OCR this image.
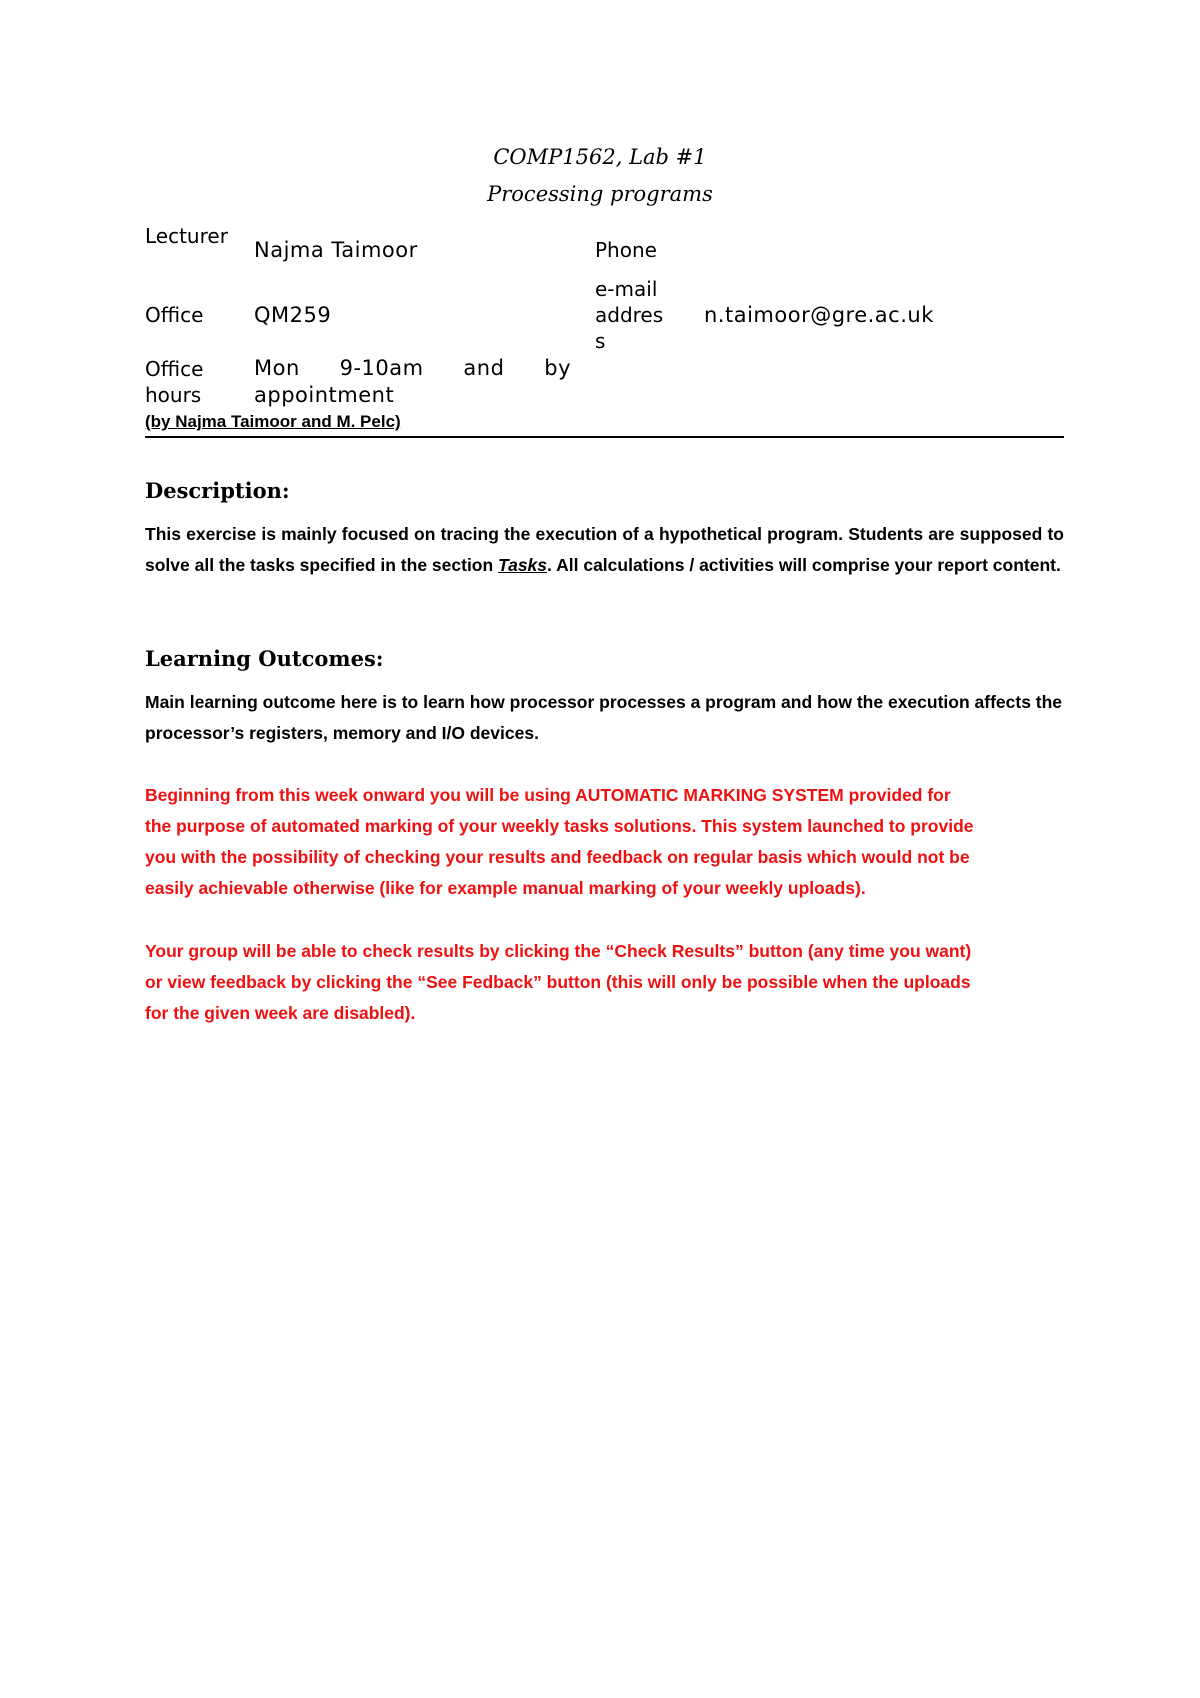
COMP1562, Lab #1
Processing programs
Lecturer
Najma Taimoor	Phone
Office	QM259
e-mail address
n.taimoor@gre.ac.uk
Office hours
Mon 9-10am and by
appointment
(by Najma Taimoor and M. Pelc)
Description:
This exercise is mainly focused on tracing the execution of a hypothetical program. Students are supposed to solve all the tasks specified in the section Tasks. All calculations / activities will comprise your report content.
Learning Outcomes:
Main learning outcome here is to learn how processor processes a program and how the execution affects the processor’s registers, memory and I/O devices.
Beginning from this week onward you will be using AUTOMATIC MARKING SYSTEM provided for
the purpose of automated marking of your weekly tasks solutions. This system launched to provide
you with the possibility of checking your results and feedback on regular basis which would not be
easily achievable otherwise (like for example manual marking of your weekly uploads).
Your group will be able to check results by clicking the “Check Results” button (any time you want)
or view feedback by clicking the “See Fedback” button (this will only be possible when the uploads
for the given week are disabled).
